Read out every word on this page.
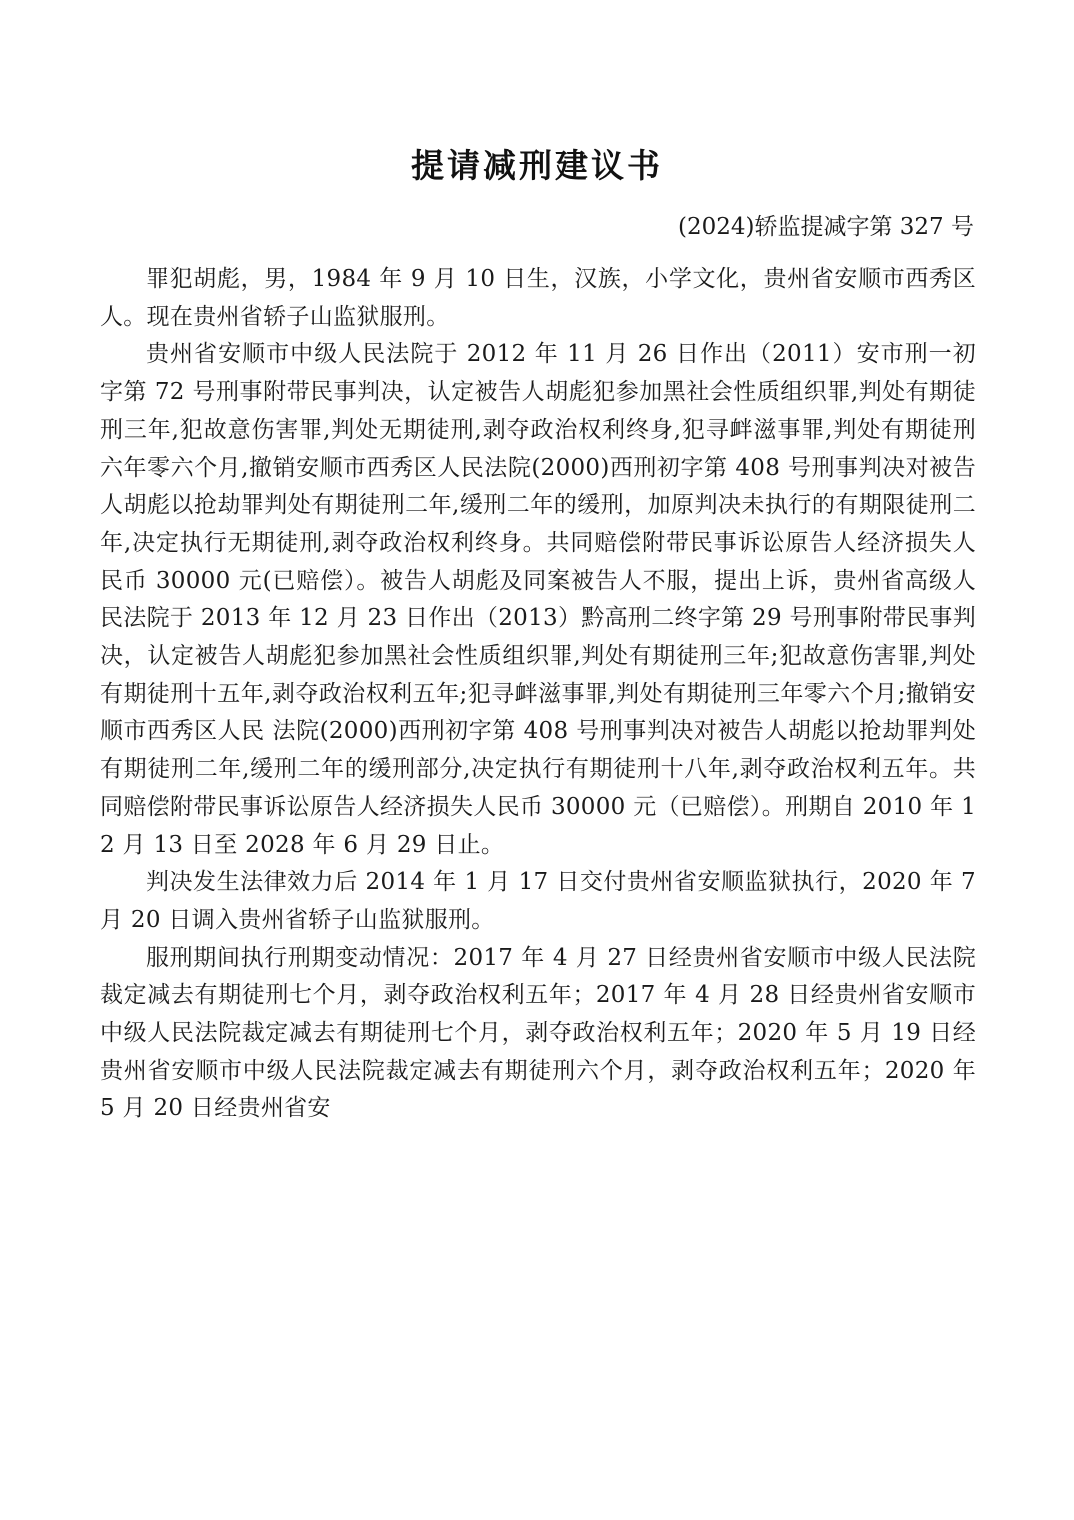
提请减刑建议书
(2024)轿监提减字第 327 号

罪犯胡彪，男，1984 年 9 月 10 日生，汉族，小学文化，贵州省安顺市西秀区人。现在贵州省轿子山监狱服刑。

贵州省安顺市中级人民法院于 2012 年 11 月 26 日作出（2011）安市刑一初字第 72 号刑事附带民事判决，认定被告人胡彪犯参加黑社会性质组织罪,判处有期徒刑三年,犯故意伤害罪,判处无期徒刑,剥夺政治权利终身,犯寻衅滋事罪,判处有期徒刑六年零六个月,撤销安顺市西秀区人民法院(2000)西刑初字第 408 号刑事判决对被告人胡彪以抢劫罪判处有期徒刑二年,缓刑二年的缓刑，加原判决未执行的有期限徒刑二年,决定执行无期徒刑,剥夺政治权利终身。共同赔偿附带民事诉讼原告人经济损失人民币 30000 元(已赔偿）。被告人胡彪及同案被告人不服，提出上诉，贵州省高级人民法院于 2013 年 12 月 23 日作出（2013）黔高刑二终字第 29 号刑事附带民事判决，认定被告人胡彪犯参加黑社会性质组织罪,判处有期徒刑三年;犯故意伤害罪,判处有期徒刑十五年,剥夺政治权利五年;犯寻衅滋事罪,判处有期徒刑三年零六个月;撤销安顺市西秀区人民 法院(2000)西刑初字第 408 号刑事判决对被告人胡彪以抢劫罪判处有期徒刑二年,缓刑二年的缓刑部分,决定执行有期徒刑十八年,剥夺政治权利五年。共同赔偿附带民事诉讼原告人经济损失人民币 30000 元（已赔偿）。刑期自 2010 年 12 月 13 日至 2028 年 6 月 29 日止。

判决发生法律效力后 2014 年 1 月 17 日交付贵州省安顺监狱执行，2020 年 7 月 20 日调入贵州省轿子山监狱服刑。

服刑期间执行刑期变动情况：2017 年 4 月 27 日经贵州省安顺市中级人民法院裁定减去有期徒刑七个月，剥夺政治权利五年；2017 年 4 月 28 日经贵州省安顺市中级人民法院裁定减去有期徒刑七个月，剥夺政治权利五年；2020 年 5 月 19 日经贵州省安顺市中级人民法院裁定减去有期徒刑六个月，剥夺政治权利五年；2020 年 5 月 20 日经贵州省安
